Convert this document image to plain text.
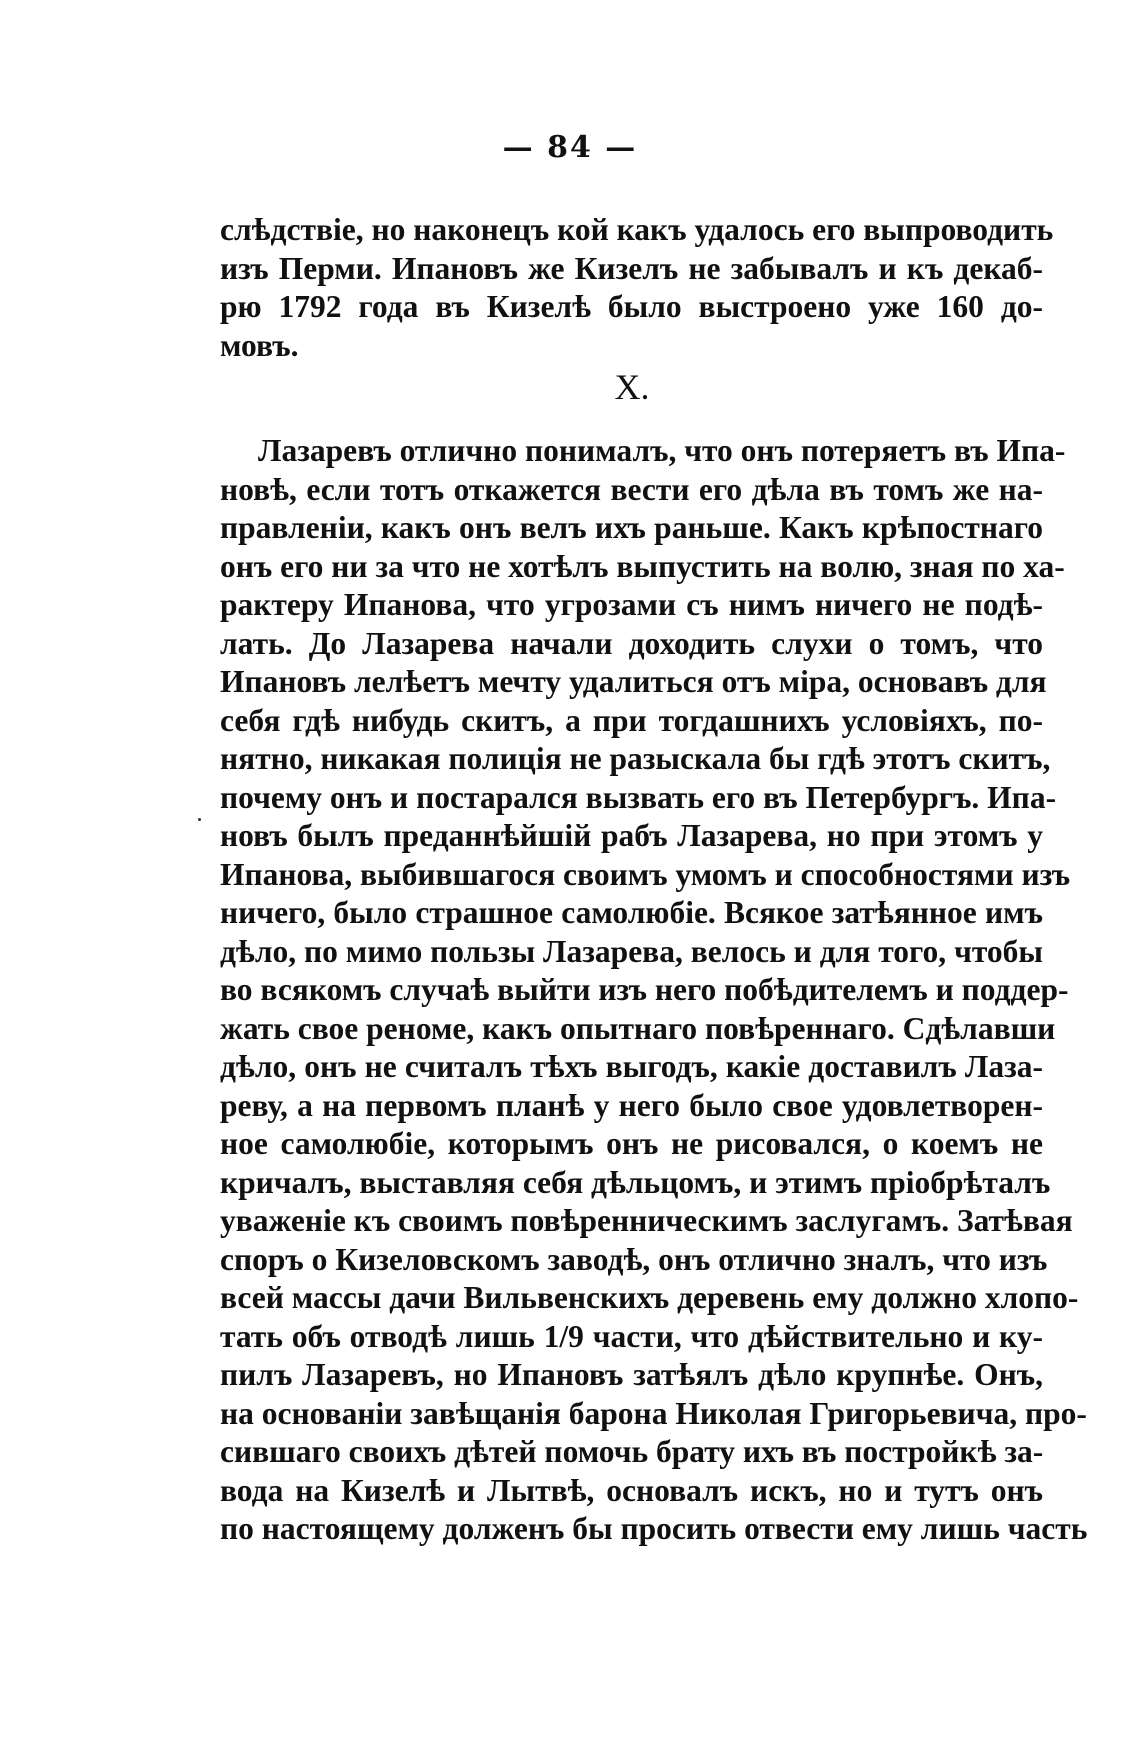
— 84 —
слѣдствіе, но наконецъ кой какъ удалось его выпроводить
изъ Перми. Ипановъ же Кизелъ не забывалъ и къ декаб-
рю 1792 года въ Кизелѣ было выстроено уже 160 до-
мовъ.
X.
Лазаревъ отлично понималъ, что онъ потеряетъ въ Ипа-
новѣ, если тотъ откажется вести его дѣла въ томъ же на-
правленіи, какъ онъ велъ ихъ раньше. Какъ крѣпостнаго
онъ его ни за что не хотѣлъ выпустить на волю, зная по ха-
рактеру Ипанова, что угрозами съ нимъ ничего не подѣ-
лать. До Лазарева начали доходить слухи о томъ, что
Ипановъ лелѣетъ мечту удалиться отъ міра, основавъ для
себя гдѣ нибудь скитъ, а при тогдашнихъ условіяхъ, по-
нятно, никакая полиція не разыскала бы гдѣ этотъ скитъ,
почему онъ и постарался вызвать его въ Петербургъ. Ипа-
новъ былъ преданнѣйшій рабъ Лазарева, но при этомъ у
Ипанова, выбившагося своимъ умомъ и способностями изъ
ничего, было страшное самолюбіе. Всякое затѣянное имъ
дѣло, по мимо пользы Лазарева, велось и для того, чтобы
во всякомъ случаѣ выйти изъ него побѣдителемъ и поддер-
жать свое реноме, какъ опытнаго повѣреннаго. Сдѣлавши
дѣло, онъ не считалъ тѣхъ выгодъ, какіе доставилъ Лаза-
реву, а на первомъ планѣ у него было свое удовлетворен-
ное самолюбіе, которымъ онъ не рисовался, о коемъ не
кричалъ, выставляя себя дѣльцомъ, и этимъ пріобрѣталъ
уваженіе къ своимъ повѣренническимъ заслугамъ. Затѣвая
споръ о Кизеловскомъ заводѣ, онъ отлично зналъ, что изъ
всей массы дачи Вильвенскихъ деревень ему должно хлопо-
тать объ отводѣ лишь 1/9 части, что дѣйствительно и ку-
пилъ Лазаревъ, но Ипановъ затѣялъ дѣло крупнѣе. Онъ,
на основаніи завѣщанія барона Николая Григорьевича, про-
сившаго своихъ дѣтей помочь брату ихъ въ постройкѣ за-
вода на Кизелѣ и Лытвѣ, основалъ искъ, но и тутъ онъ
по настоящему долженъ бы просить отвести ему лишь часть
